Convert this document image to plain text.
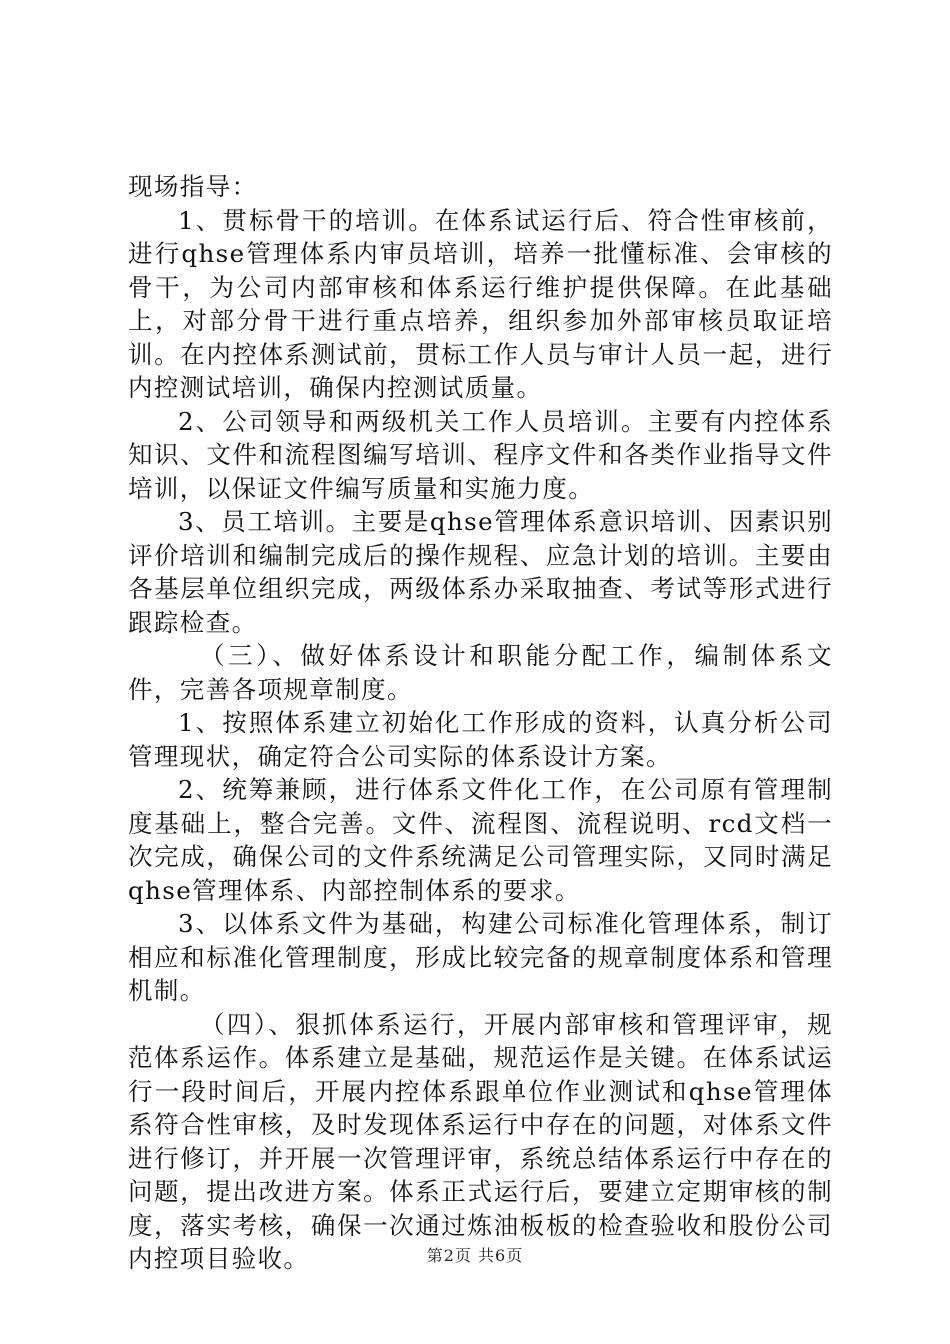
现场指导：

1、贯标骨干的培训。在体系试运行后、符合性审核前，进行qhse管理体系内审员培训，培养一批懂标准、会审核的骨干，为公司内部审核和体系运行维护提供保障。在此基础上，对部分骨干进行重点培养，组织参加外部审核员取证培训。在内控体系测试前，贯标工作人员与审计人员一起，进行内控测试培训，确保内控测试质量。

2、公司领导和两级机关工作人员培训。主要有内控体系知识、文件和流程图编写培训、程序文件和各类作业指导文件培训，以保证文件编写质量和实施力度。

3、员工培训。主要是qhse管理体系意识培训、因素识别评价培训和编制完成后的操作规程、应急计划的培训。主要由各基层单位组织完成，两级体系办采取抽查、考试等形式进行跟踪检查。

（三）、做好体系设计和职能分配工作，编制体系文件，完善各项规章制度。

1、按照体系建立初始化工作形成的资料，认真分析公司管理现状，确定符合公司实际的体系设计方案。

2、统筹兼顾，进行体系文件化工作，在公司原有管理制度基础上，整合完善。文件、流程图、流程说明、rcd文档一次完成，确保公司的文件系统满足公司管理实际，又同时满足qhse管理体系、内部控制体系的要求。

3、以体系文件为基础，构建公司标准化管理体系，制订相应和标准化管理制度，形成比较完备的规章制度体系和管理机制。

（四）、狠抓体系运行，开展内部审核和管理评审，规范体系运作。体系建立是基础，规范运作是关键。在体系试运行一段时间后，开展内控体系跟单位作业测试和qhse管理体系符合性审核，及时发现体系运行中存在的问题，对体系文件进行修订，并开展一次管理评审，系统总结体系运行中存在的问题，提出改进方案。体系正式运行后，要建立定期审核的制度，落实考核，确保一次通过炼油板板的检查验收和股份公司内控项目验收。	第2页 共6页
